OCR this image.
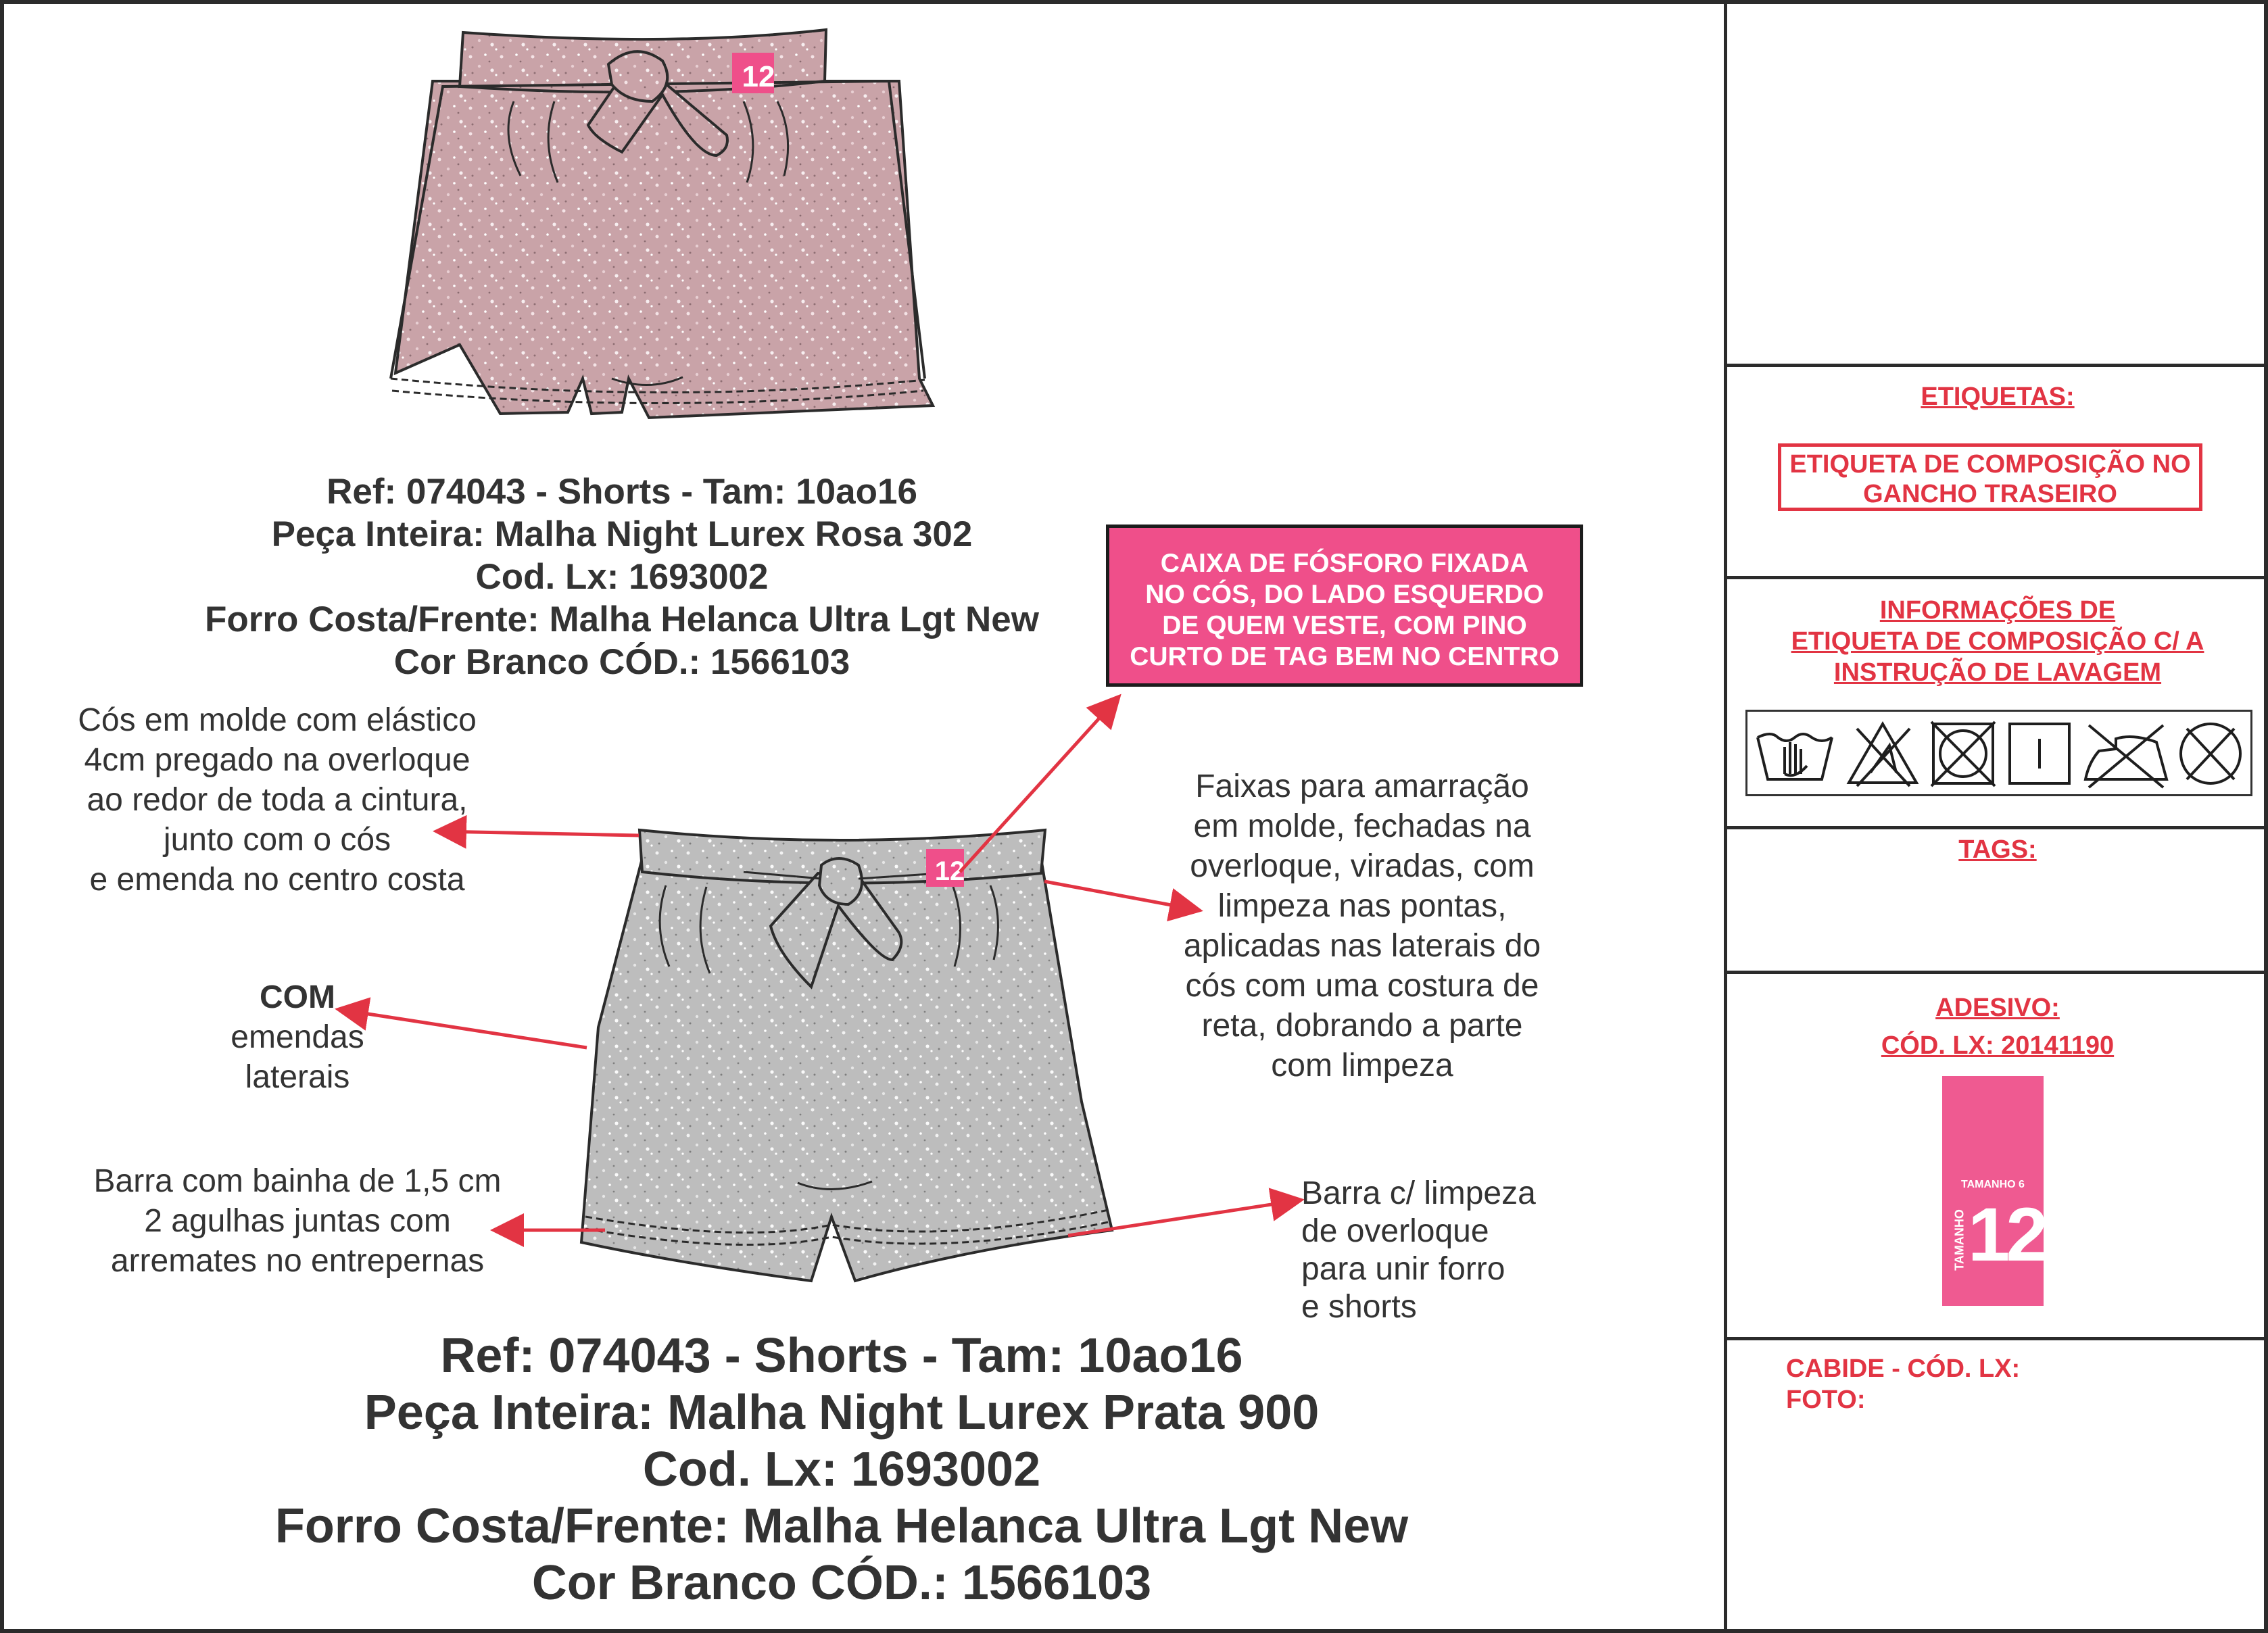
12
12
Ref: 074043 - Shorts - Tam: 10ao16
Peça Inteira: Malha Night Lurex Rosa 302
Cod. Lx: 1693002
Forro Costa/Frente: Malha Helanca Ultra Lgt New
Cor Branco CÓD.: 1566103
Ref: 074043 - Shorts - Tam: 10ao16
Peça Inteira: Malha Night Lurex Prata 900
Cod. Lx: 1693002
Forro Costa/Frente: Malha Helanca Ultra Lgt New
Cor Branco CÓD.: 1566103
Cós em molde com elástico
4cm pregado na overloque
ao redor de toda a cintura,
junto com o cós
e emenda no centro costa
COM
emendas
laterais
Barra com bainha de 1,5 cm
2 agulhas juntas com
arremates no entrepernas
Faixas para amarração
em molde, fechadas na
overloque, viradas, com
limpeza nas pontas,
aplicadas nas laterais do
cós com uma costura de
reta, dobrando a parte
com limpeza
Barra c/ limpeza
de overloque
para unir forro
e shorts
CAIXA DE FÓSFORO FIXADA
NO CÓS, DO LADO ESQUERDO
DE QUEM VESTE, COM PINO
CURTO DE TAG BEM NO CENTRO
ETIQUETAS:
ETIQUETA DE COMPOSIÇÃO NO
GANCHO TRASEIRO
INFORMAÇÕES DE
ETIQUETA DE COMPOSIÇÃO C/ A
INSTRUÇÃO DE LAVAGEM
TAGS:
ADESIVO:
CÓD. LX: 20141190
TAMANHO 6
TAMANHO 12
CABIDE - CÓD. LX:
FOTO:
